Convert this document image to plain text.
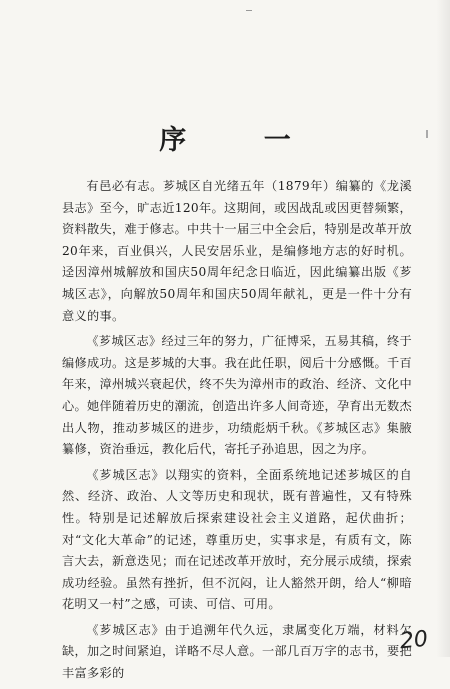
序 一

有邑必有志。芗城区自光绪五年（1879年）编纂的《龙溪县志》至今，旷志近120年。这期间，或因战乱或因更替频繁，资料散失，难于修志。中共十一届三中全会后，特别是改革开放20年来，百业俱兴，人民安居乐业，是编修地方志的好时机。迳因漳州城解放和国庆50周年纪念日临近，因此编纂出版《芗城区志》，向解放50周年和国庆50周年献礼，更是一件十分有意义的事。

《芗城区志》经过三年的努力，广征博采，五易其稿，终于编修成功。这是芗城的大事。我在此任职，阅后十分感慨。千百年来，漳州城兴衰起伏，终不失为漳州市的政治、经济、文化中心。她伴随着历史的潮流，创造出许多人间奇迹，孕育出无数杰出人物，推动芗城区的进步，功绩彪炳千秋。《芗城区志》集腋纂修，资治垂远，教化后代，寄托子孙追思，因之为序。

《芗城区志》以翔实的资料，全面系统地记述芗城区的自然、经济、政治、人文等历史和现状，既有普遍性，又有特殊性。特别是记述解放后探索建设社会主义道路，起伏曲折；对“文化大革命”的记述，尊重历史，实事求是，有质有文，陈言大去，新意迭见；而在记述改革开放时，充分展示成绩，探索成功经验。虽然有挫折，但不沉闷，让人豁然开朗，给人“柳暗花明又一村”之感，可读、可信、可用。

《芗城区志》由于追溯年代久远，隶属变化万端，材料欠缺，加之时间紧迫，详略不尽人意。一部几百万字的志书，要把丰富多彩的

20
